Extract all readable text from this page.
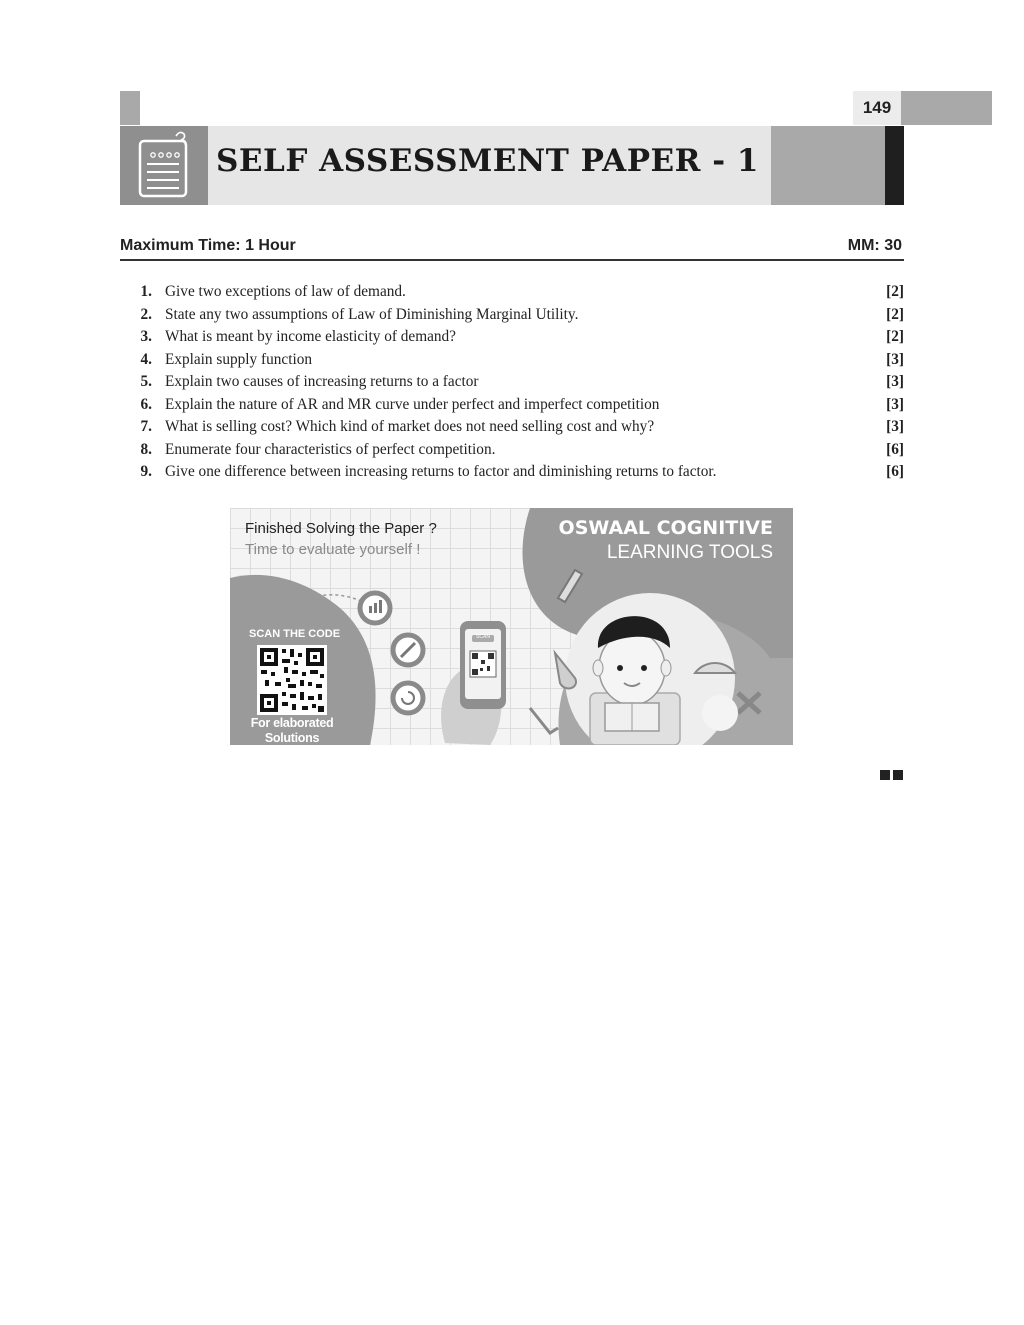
149
SELF ASSESSMENT PAPER - 1
Maximum Time: 1 Hour	MM: 30
1. Give two exceptions of law of demand.	[2]
2. State any two assumptions of Law of Diminishing Marginal Utility.	[2]
3. What is meant by income elasticity of demand?	[2]
4. Explain supply function	[3]
5. Explain two causes of increasing returns to a factor	[3]
6. Explain the nature of AR and MR curve under perfect and imperfect competition	[3]
7. What is selling cost? Which kind of market does not need selling cost and why?	[3]
8. Enumerate four characteristics of perfect competition.	[6]
9. Give one difference between increasing returns to factor and diminishing returns to factor.	[6]
Finished Solving the Paper ?
Time to evaluate yourself !
OSWAAL COGNITIVE
LEARNING TOOLS
SCAN THE CODE
For elaborated
Solutions
SCAN
